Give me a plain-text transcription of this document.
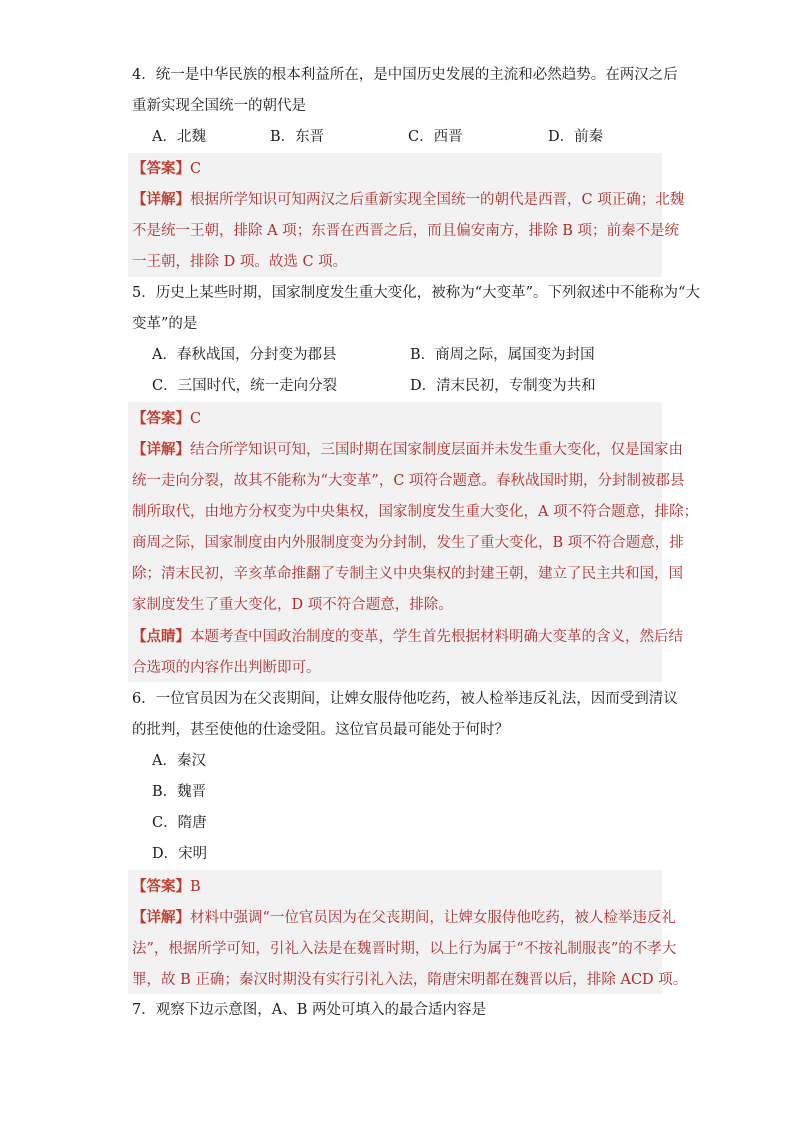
4．统一是中华民族的根本利益所在，是中国历史发展的主流和必然趋势。在两汉之后
重新实现全国统一的朝代是
A．北魏	B．东晋	C．西晋	D．前秦
【答案】C
【详解】根据所学知识可知两汉之后重新实现全国统一的朝代是西晋，C 项正确；北魏
不是统一王朝，排除 A 项；东晋在西晋之后，而且偏安南方，排除 B 项；前秦不是统
一王朝，排除 D 项。故选 C 项。
5．历史上某些时期，国家制度发生重大变化，被称为“大变革”。下列叙述中不能称为“大
变革”的是
A．春秋战国，分封变为郡县	B．商周之际，属国变为封国
C．三国时代，统一走向分裂	D．清末民初，专制变为共和
【答案】C
【详解】结合所学知识可知，三国时期在国家制度层面并未发生重大变化，仅是国家由
统一走向分裂，故其不能称为“大变革”，C 项符合题意。春秋战国时期，分封制被郡县
制所取代，由地方分权变为中央集权，国家制度发生重大变化，A 项不符合题意，排除；
商周之际，国家制度由内外服制度变为分封制，发生了重大变化，B 项不符合题意，排
除；清末民初，辛亥革命推翻了专制主义中央集权的封建王朝，建立了民主共和国，国
家制度发生了重大变化，D 项不符合题意，排除。
【点睛】本题考查中国政治制度的变革，学生首先根据材料明确大变革的含义，然后结
合选项的内容作出判断即可。
6．一位官员因为在父丧期间，让婢女服侍他吃药，被人检举违反礼法，因而受到清议
的批判，甚至使他的仕途受阻。这位官员最可能处于何时？
A．秦汉
B．魏晋
C．隋唐
D．宋明
【答案】B
【详解】材料中强调“一位官员因为在父丧期间，让婢女服侍他吃药，被人检举违反礼
法”，根据所学可知，引礼入法是在魏晋时期，以上行为属于“不按礼制服丧”的不孝大
罪，故 B 正确；秦汉时期没有实行引礼入法，隋唐宋明都在魏晋以后，排除 ACD 项。
7．观察下边示意图，A、B 两处可填入的最合适内容是
